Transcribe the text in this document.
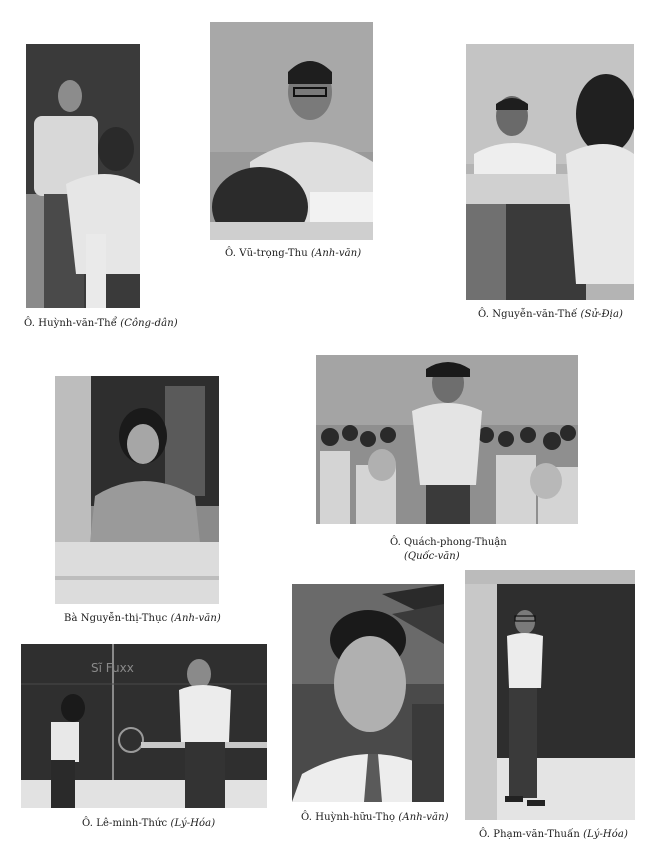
Ô. Huỳnh-văn-Thể (Công-dân)
Ô. Vũ-trọng-Thu (Anh-văn)
Ô. Nguyễn-văn-Thế (Sử-Địa)
Bà Nguyễn-thị-Thục (Anh-văn)
Ô. Quách-phong-Thuận
(Quốc-văn)
Sĩ Fuxx
Ô. Lê-minh-Thức (Lý-Hóa)
Ô. Huỳnh-hữu-Thọ (Anh-văn)
Ô. Phạm-văn-Thuấn (Lý-Hóa)
